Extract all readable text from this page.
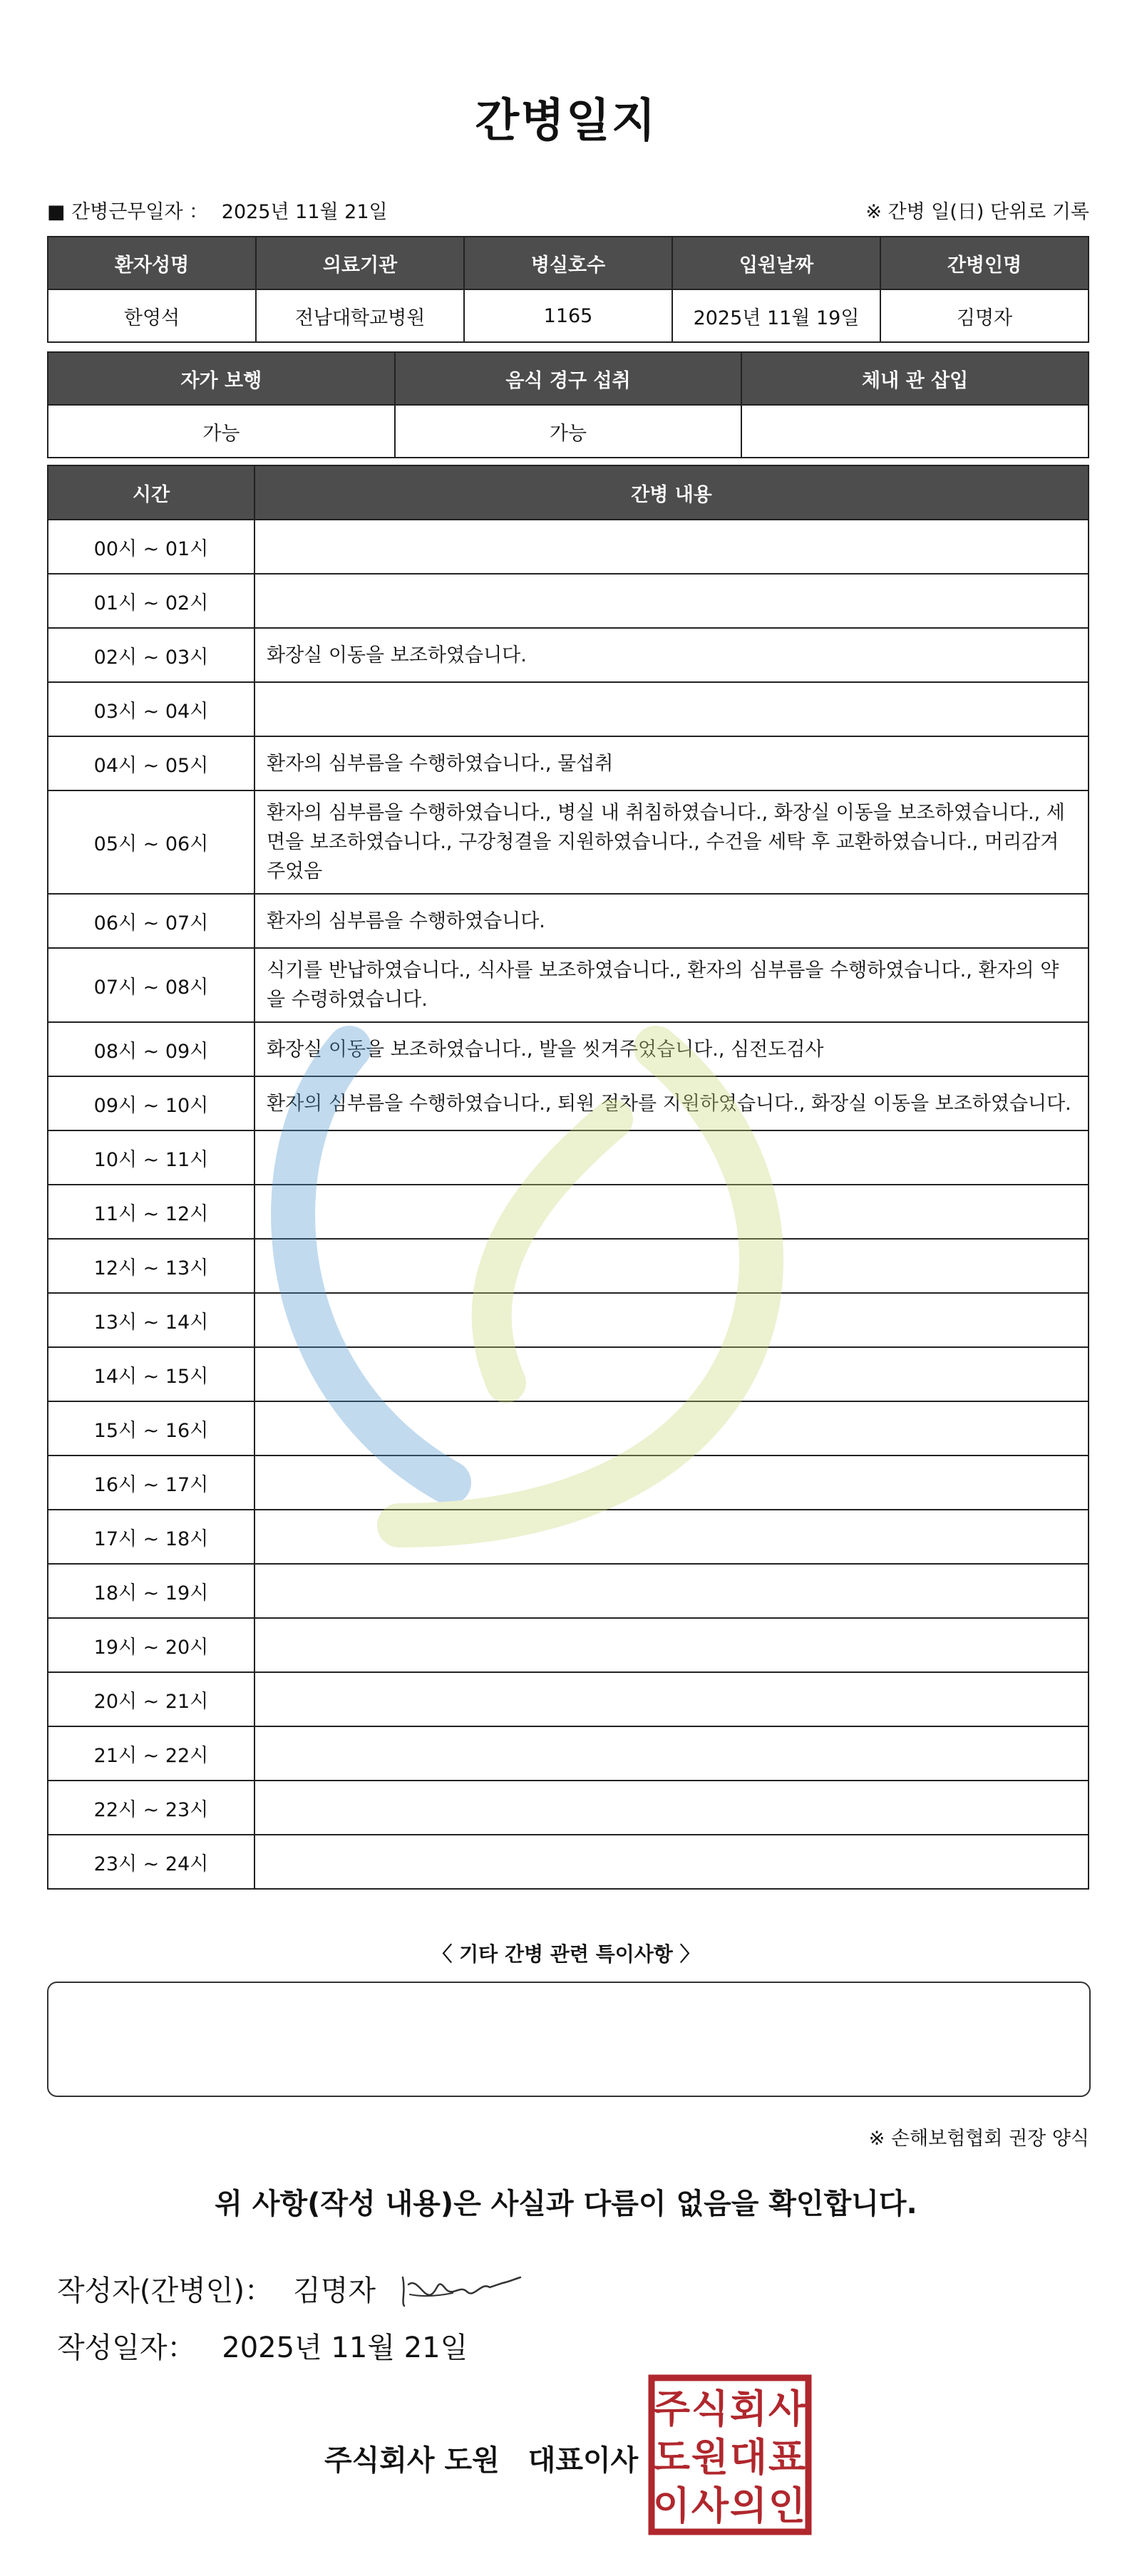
간병일지
■ 간병근무일자 ： 2025년 11월 21일	※ 간병 일(日) 단위로 기록
환자성명	의료기관	병실호수	입원날짜	간병인명
한영석	전남대학교병원	1165	2025년 11월 19일	김명자
자가 보행	음식 경구 섭취	체내 관 삽입
가능	가능	
시간	간병 내용
00시 ~ 01시	
01시 ~ 02시	
02시 ~ 03시	화장실 이동을 보조하였습니다.
03시 ~ 04시	
04시 ~ 05시	환자의 심부름을 수행하였습니다., 물섭취
05시 ~ 06시	환자의 심부름을 수행하였습니다., 병실 내 취침하였습니다., 화장실 이동을 보조하였습니다., 세면을 보조하였습니다., 구강청결을 지원하였습니다., 수건을 세탁 후 교환하였습니다., 머리감겨주었음
06시 ~ 07시	환자의 심부름을 수행하였습니다.
07시 ~ 08시	식기를 반납하였습니다., 식사를 보조하였습니다., 환자의 심부름을 수행하였습니다., 환자의 약을 수령하였습니다.
08시 ~ 09시	화장실 이동을 보조하였습니다., 발을 씻겨주었습니다., 심전도검사
09시 ~ 10시	환자의 심부름을 수행하였습니다., 퇴원 절차를 지원하였습니다., 화장실 이동을 보조하였습니다.
10시 ~ 11시	
11시 ~ 12시	
12시 ~ 13시	
13시 ~ 14시	
14시 ~ 15시	
15시 ~ 16시	
16시 ~ 17시	
17시 ~ 18시	
18시 ~ 19시	
19시 ~ 20시	
20시 ~ 21시	
21시 ~ 22시	
22시 ~ 23시	
23시 ~ 24시	
〈 기타 간병 관련 특이사항 〉
※ 손해보험협회 권장 양식
위 사항(작성 내용)은 사실과 다름이 없음을 확인합니다.
작성자(간병인)： 김명자
작성일자： 2025년 11월 21일
주식회사 도원 대표이사
주 식 회 사
도 원 대 표
이 사 의 인
